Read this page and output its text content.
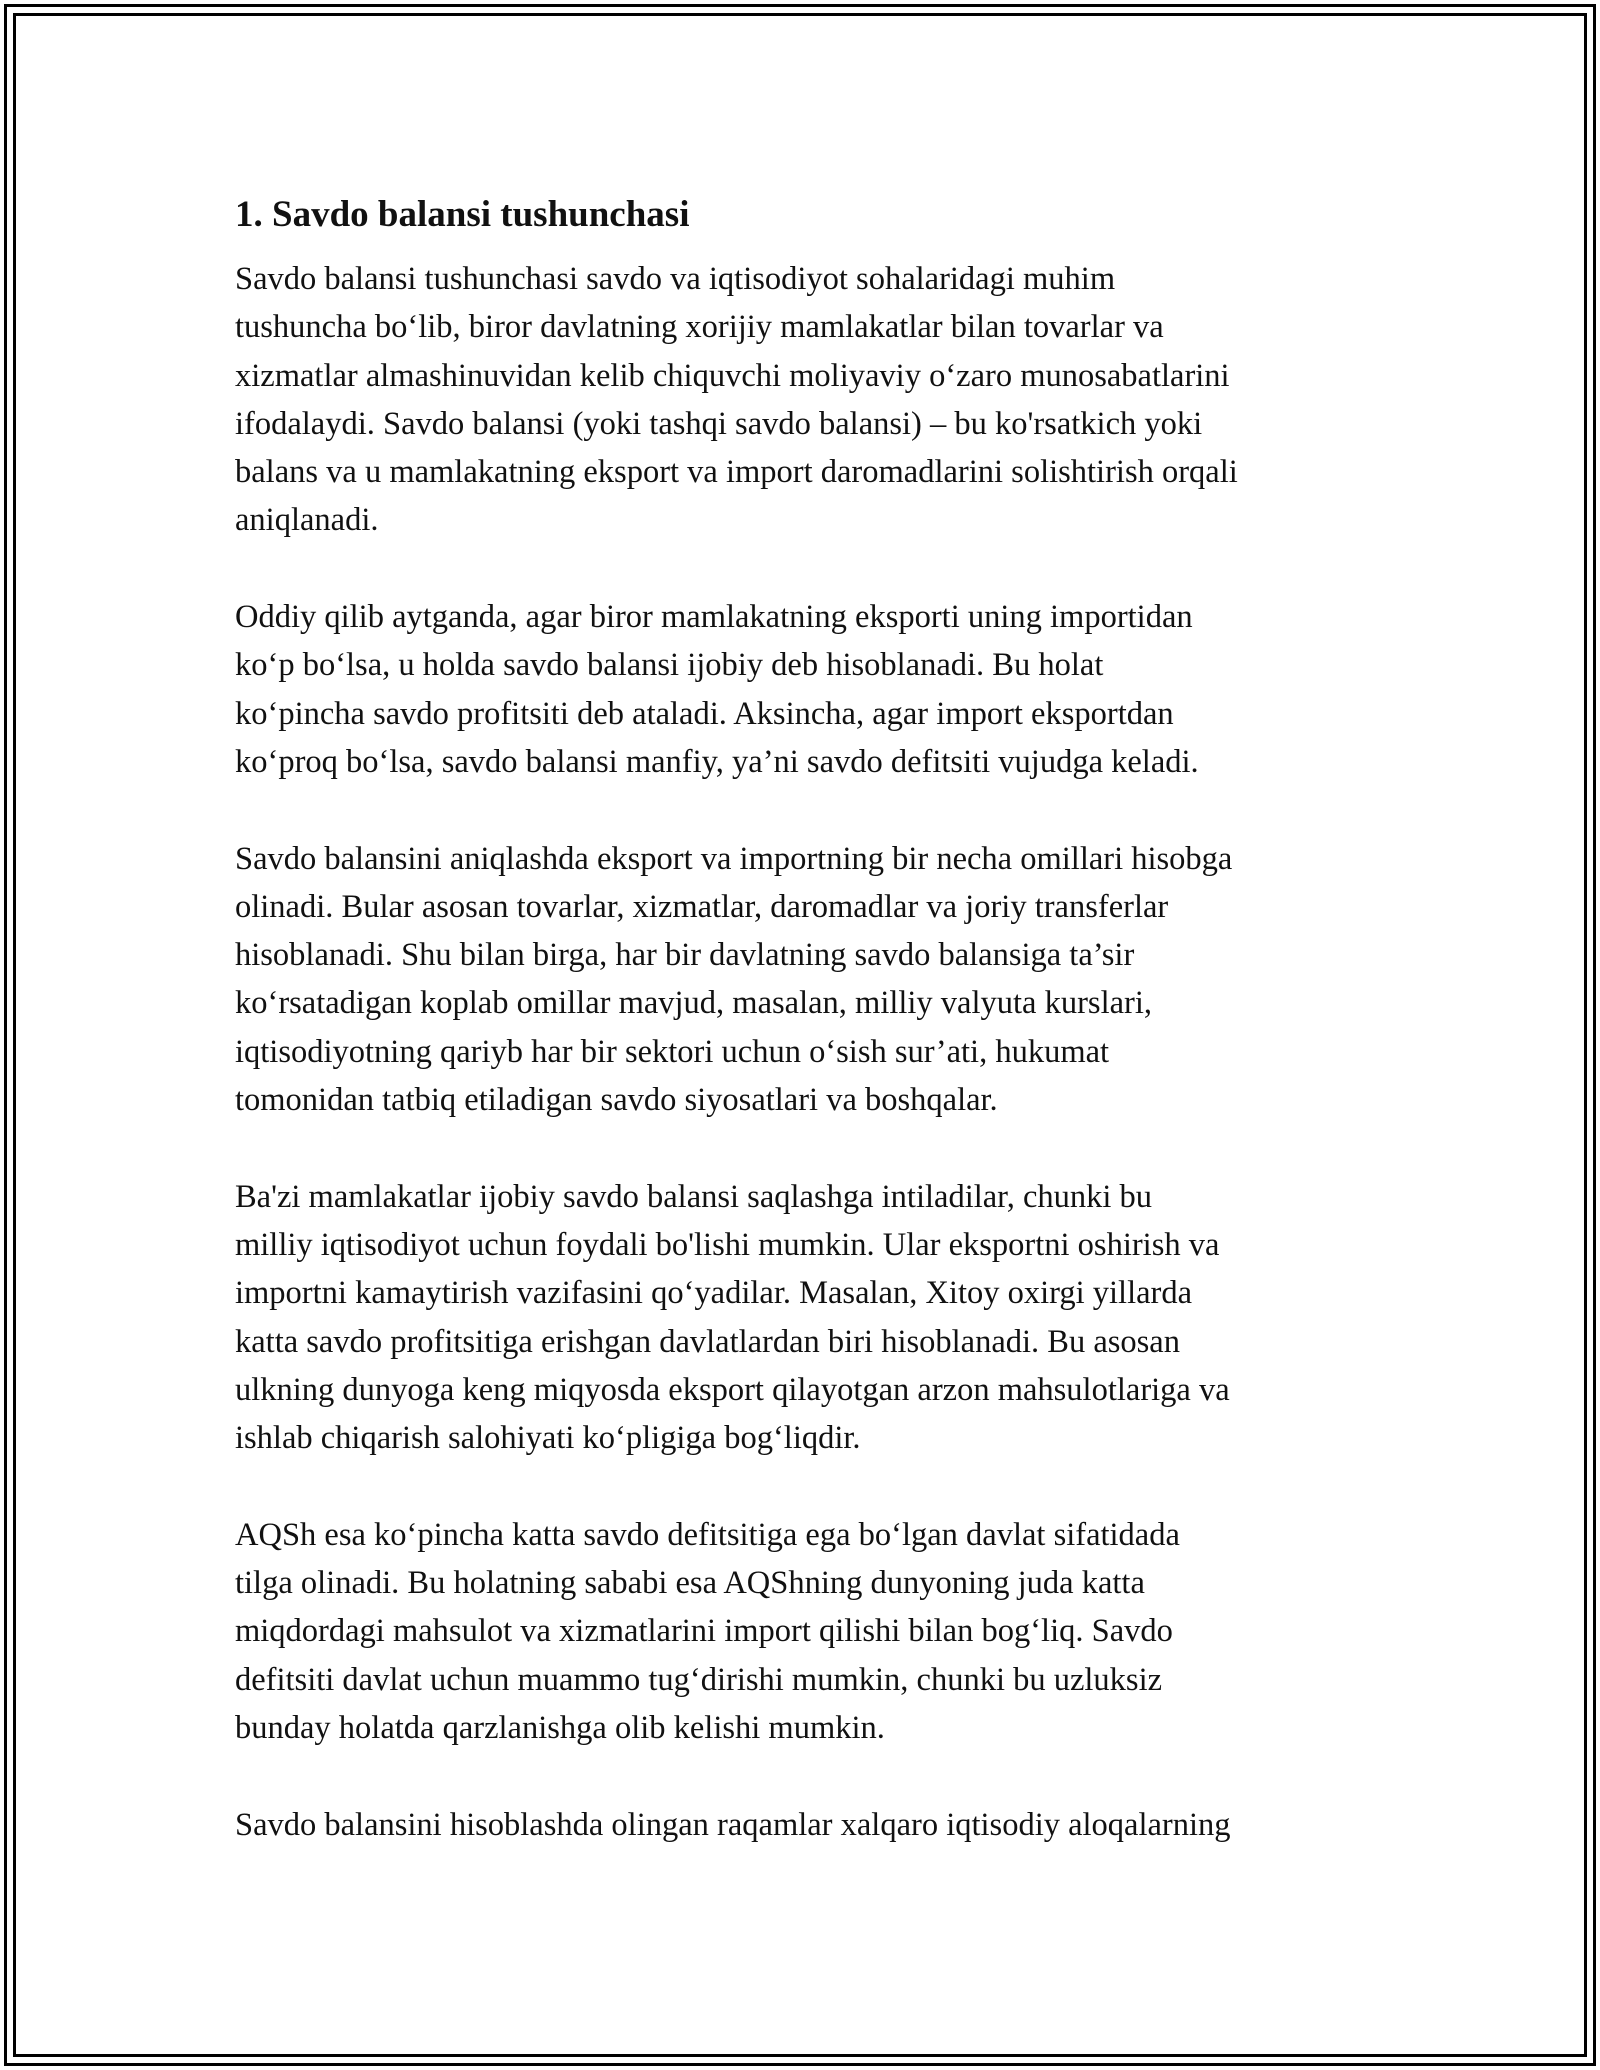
1. Savdo balansi tushunchasi

Savdo balansi tushunchasi savdo va iqtisodiyot sohalaridagi muhim
tushuncha bo‘lib, biror davlatning xorijiy mamlakatlar bilan tovarlar va
xizmatlar almashinuvidan kelib chiquvchi moliyaviy o‘zaro munosabatlarini
ifodalaydi. Savdo balansi (yoki tashqi savdo balansi) – bu ko'rsatkich yoki
balans va u mamlakatning eksport va import daromadlarini solishtirish orqali
aniqlanadi.

Oddiy qilib aytganda, agar biror mamlakatning eksporti uning importidan
ko‘p bo‘lsa, u holda savdo balansi ijobiy deb hisoblanadi. Bu holat
ko‘pincha savdo profitsiti deb ataladi. Aksincha, agar import eksportdan
ko‘proq bo‘lsa, savdo balansi manfiy, ya’ni savdo defitsiti vujudga keladi.

Savdo balansini aniqlashda eksport va importning bir necha omillari hisobga
olinadi. Bular asosan tovarlar, xizmatlar, daromadlar va joriy transferlar
hisoblanadi. Shu bilan birga, har bir davlatning savdo balansiga ta’sir
ko‘rsatadigan koplab omillar mavjud, masalan, milliy valyuta kurslari,
iqtisodiyotning qariyb har bir sektori uchun o‘sish sur’ati, hukumat
tomonidan tatbiq etiladigan savdo siyosatlari va boshqalar.

Ba'zi mamlakatlar ijobiy savdo balansi saqlashga intiladilar, chunki bu
milliy iqtisodiyot uchun foydali bo'lishi mumkin. Ular eksportni oshirish va
importni kamaytirish vazifasini qo‘yadilar. Masalan, Xitoy oxirgi yillarda
katta savdo profitsitiga erishgan davlatlardan biri hisoblanadi. Bu asosan
ulkning dunyoga keng miqyosda eksport qilayotgan arzon mahsulotlariga va
ishlab chiqarish salohiyati ko‘pligiga bog‘liqdir.

AQSh esa ko‘pincha katta savdo defitsitiga ega bo‘lgan davlat sifatidada
tilga olinadi. Bu holatning sababi esa AQShning dunyoning juda katta
miqdordagi mahsulot va xizmatlarini import qilishi bilan bog‘liq. Savdo
defitsiti davlat uchun muammo tug‘dirishi mumkin, chunki bu uzluksiz
bunday holatda qarzlanishga olib kelishi mumkin.

Savdo balansini hisoblashda olingan raqamlar xalqaro iqtisodiy aloqalarning
